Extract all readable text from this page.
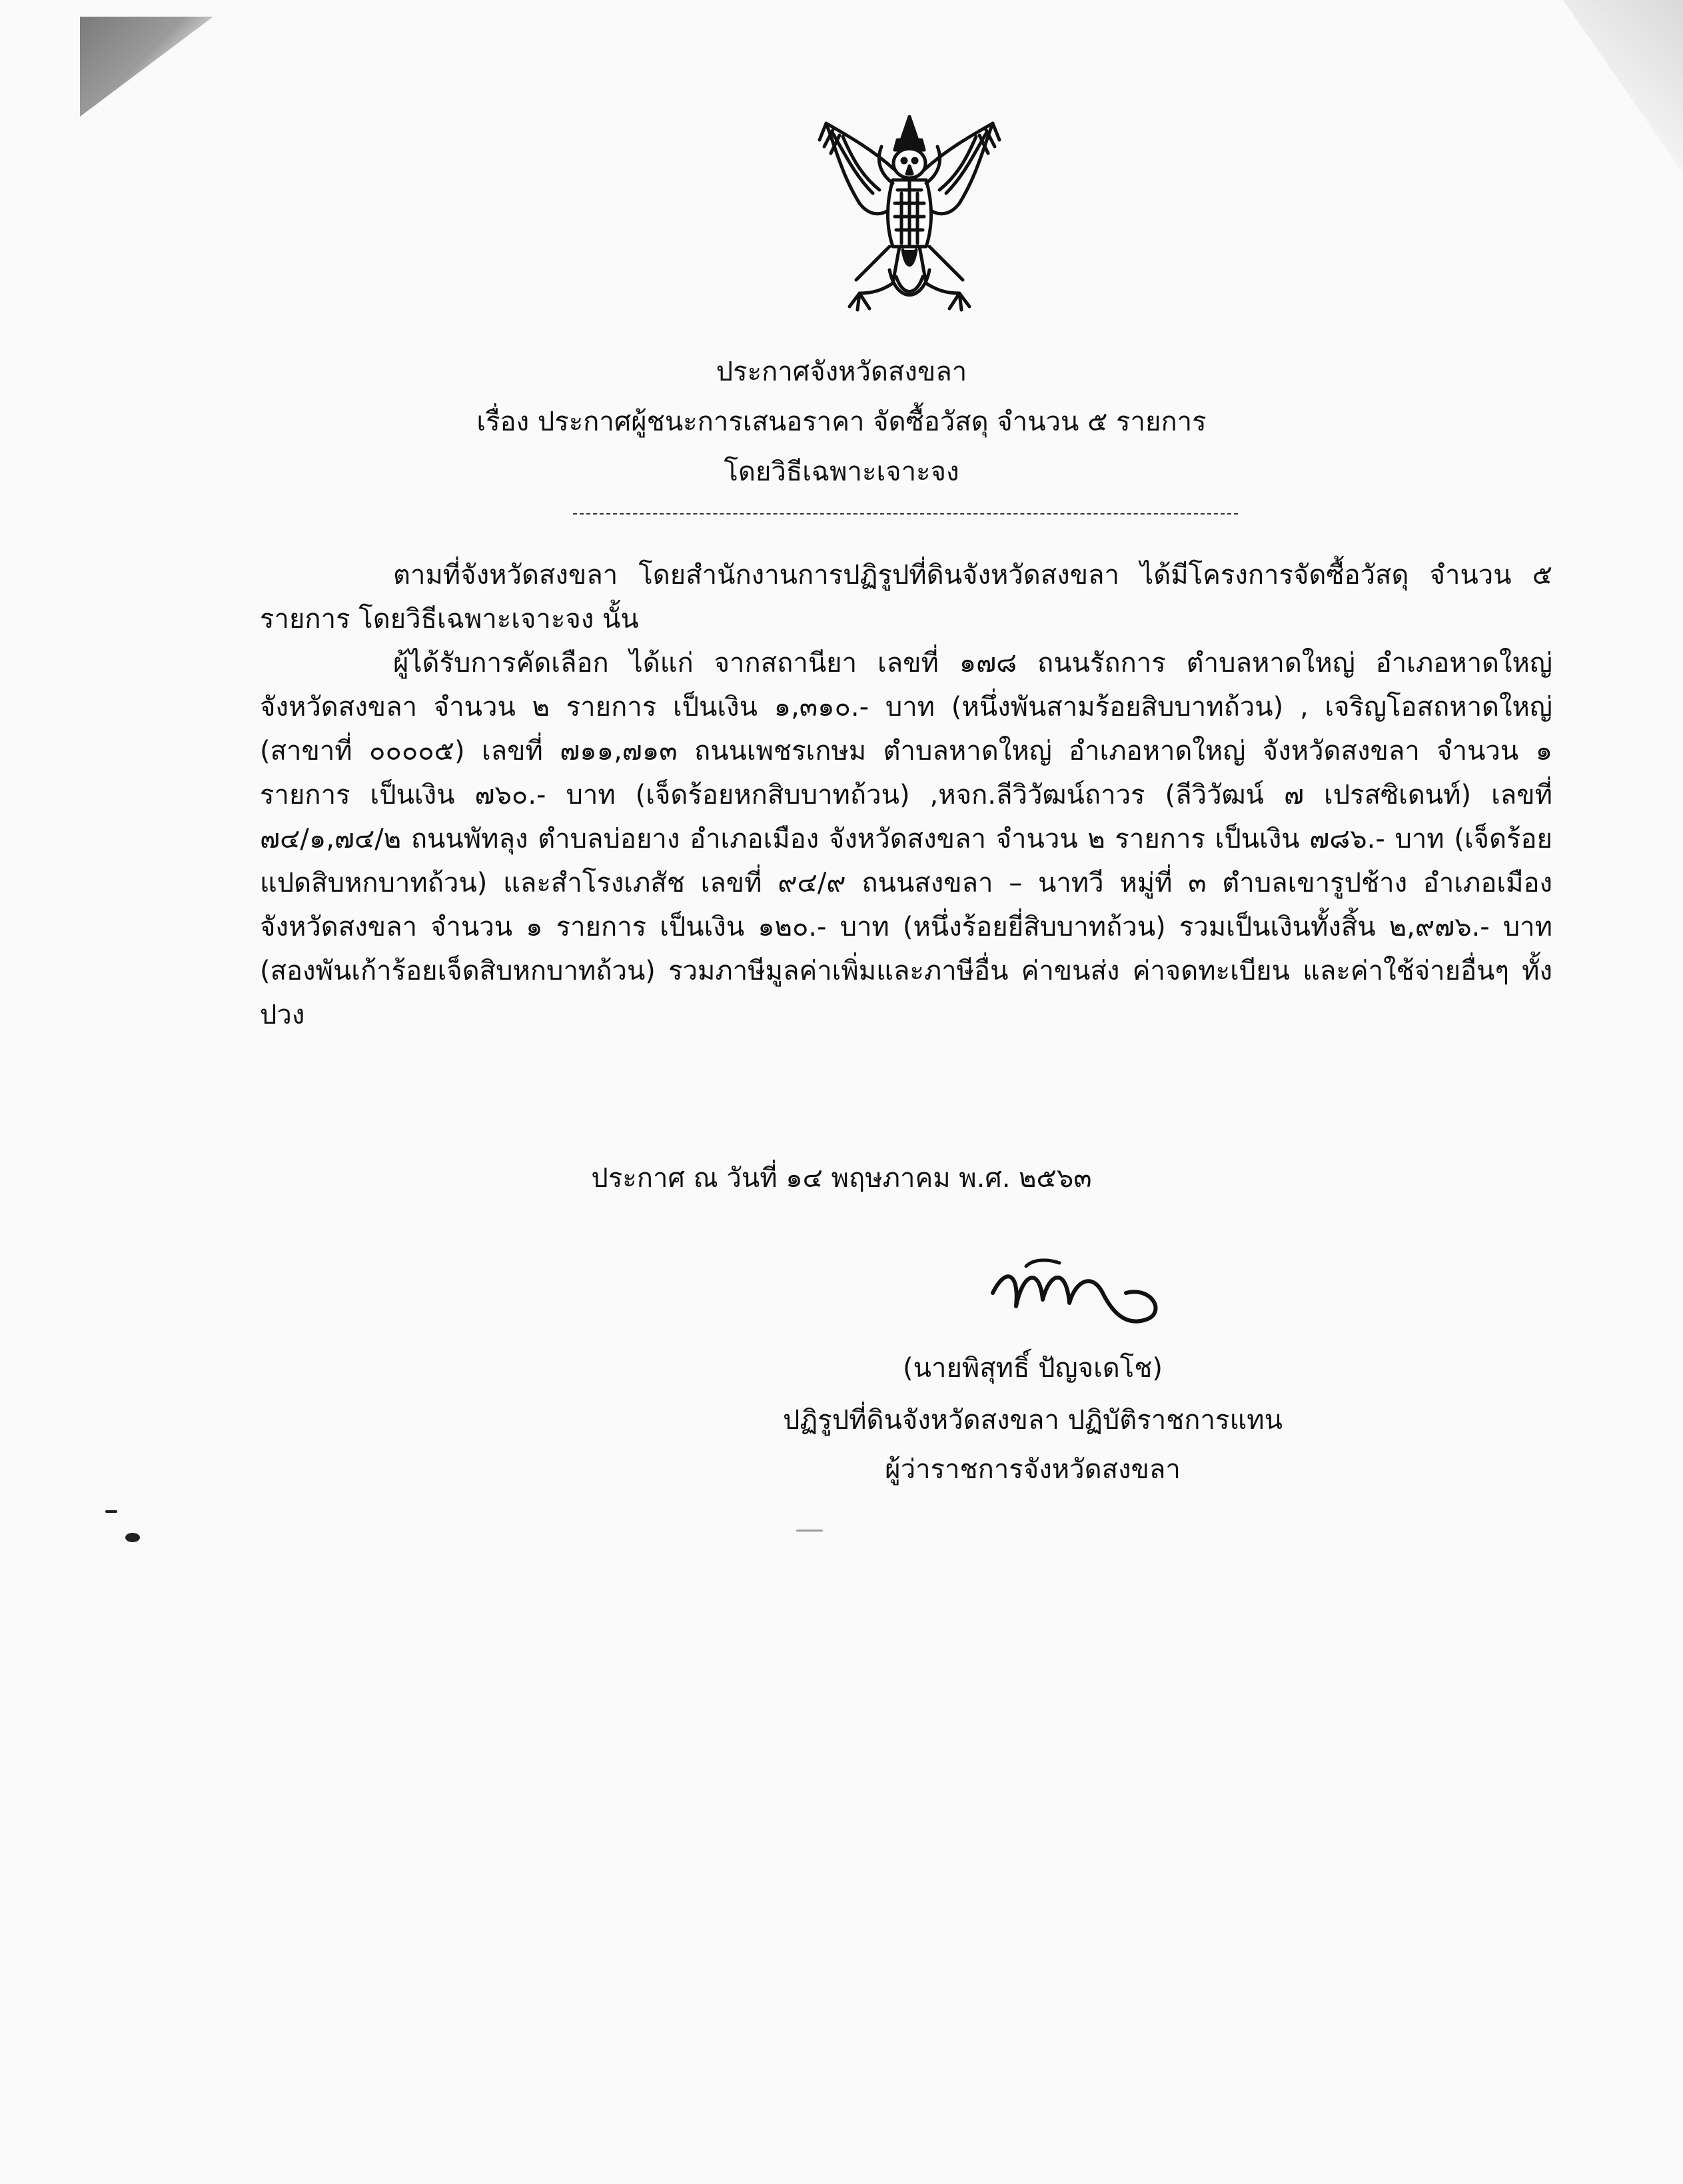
ประกาศจังหวัดสงขลา
เรื่อง ประกาศผู้ชนะการเสนอราคา จัดซื้อวัสดุ จำนวน ๕ รายการ
โดยวิธีเฉพาะเจาะจง
ตามที่จังหวัดสงขลา โดยสำนักงานการปฏิรูปที่ดินจังหวัดสงขลา ได้มีโครงการจัดซื้อวัสดุ จำนวน ๕ รายการ โดยวิธีเฉพาะเจาะจง นั้น
ผู้ได้รับการคัดเลือก ได้แก่ จากสถานียา เลขที่ ๑๗๘ ถนนรัถการ ตำบลหาดใหญ่ อำเภอหาดใหญ่ จังหวัดสงขลา จำนวน ๒ รายการ เป็นเงิน ๑,๓๑๐.- บาท (หนึ่งพันสามร้อยสิบบาทถ้วน) , เจริญโอสถหาดใหญ่ (สาขาที่ ๐๐๐๐๕) เลขที่ ๗๑๑,๗๑๓ ถนนเพชรเกษม ตำบลหาดใหญ่ อำเภอหาดใหญ่ จังหวัดสงขลา จำนวน ๑ รายการ เป็นเงิน ๗๖๐.- บาท (เจ็ดร้อยหกสิบบาทถ้วน) ,หจก.ลีวิวัฒน์ถาวร (ลีวิวัฒน์ ๗ เปรสซิเดนท์) เลขที่ ๗๔/๑,๗๔/๒ ถนนพัทลุง ตำบลบ่อยาง อำเภอเมือง จังหวัดสงขลา จำนวน ๒ รายการ เป็นเงิน ๗๘๖.- บาท (เจ็ดร้อยแปดสิบหกบาทถ้วน) และสำโรงเภสัช เลขที่ ๙๔/๙ ถนนสงขลา – นาทวี หมู่ที่ ๓ ตำบลเขารูปช้าง อำเภอเมือง จังหวัดสงขลา จำนวน ๑ รายการ เป็นเงิน ๑๒๐.- บาท (หนึ่งร้อยยี่สิบบาทถ้วน) รวมเป็นเงินทั้งสิ้น ๒,๙๗๖.- บาท (สองพันเก้าร้อยเจ็ดสิบหกบาทถ้วน) รวมภาษีมูลค่าเพิ่มและภาษีอื่น ค่าขนส่ง ค่าจดทะเบียน และค่าใช้จ่ายอื่นๆ ทั้งปวง
ประกาศ ณ วันที่ ๑๔ พฤษภาคม พ.ศ. ๒๕๖๓
(นายพิสุทธิ์ ปัญจเดโช)
ปฏิรูปที่ดินจังหวัดสงขลา ปฏิบัติราชการแทน
ผู้ว่าราชการจังหวัดสงขลา
